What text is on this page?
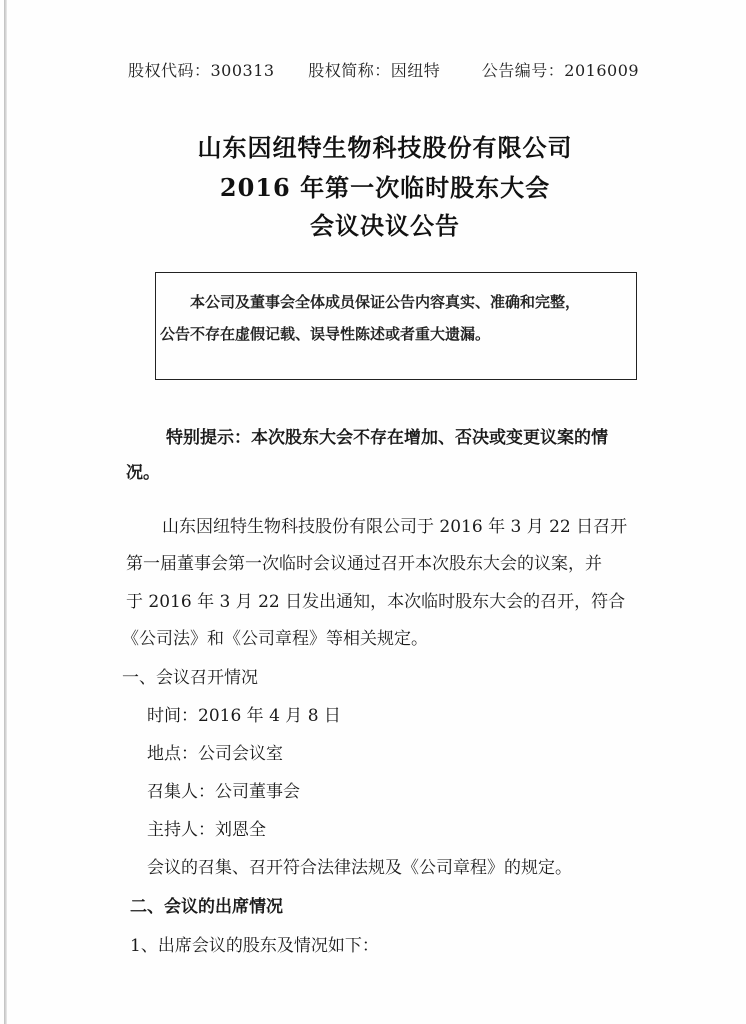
股权代码：300313 股权简称：因纽特	公告编号：2016009
山东因纽特生物科技股份有限公司
2016 年第一次临时股东大会
会议决议公告

本公司及董事会全体成员保证公告内容真实、准确和完整，

公告不存在虚假记载、误导性陈述或者重大遗漏。

特别提示：本次股东大会不存在增加、否决或变更议案的情
况。
山东因纽特生物科技股份有限公司于 2016 年 3 月 22 日召开
第一届董事会第一次临时会议通过召开本次股东大会的议案，并
于 2016 年 3 月 22 日发出通知，本次临时股东大会的召开，符合
《公司法》和《公司章程》等相关规定。
一、会议召开情况
时间：2016 年 4 月 8 日
地点：公司会议室
召集人：公司董事会
主持人：刘恩全
会议的召集、召开符合法律法规及《公司章程》的规定。
二、会议的出席情况
1、出席会议的股东及情况如下：
